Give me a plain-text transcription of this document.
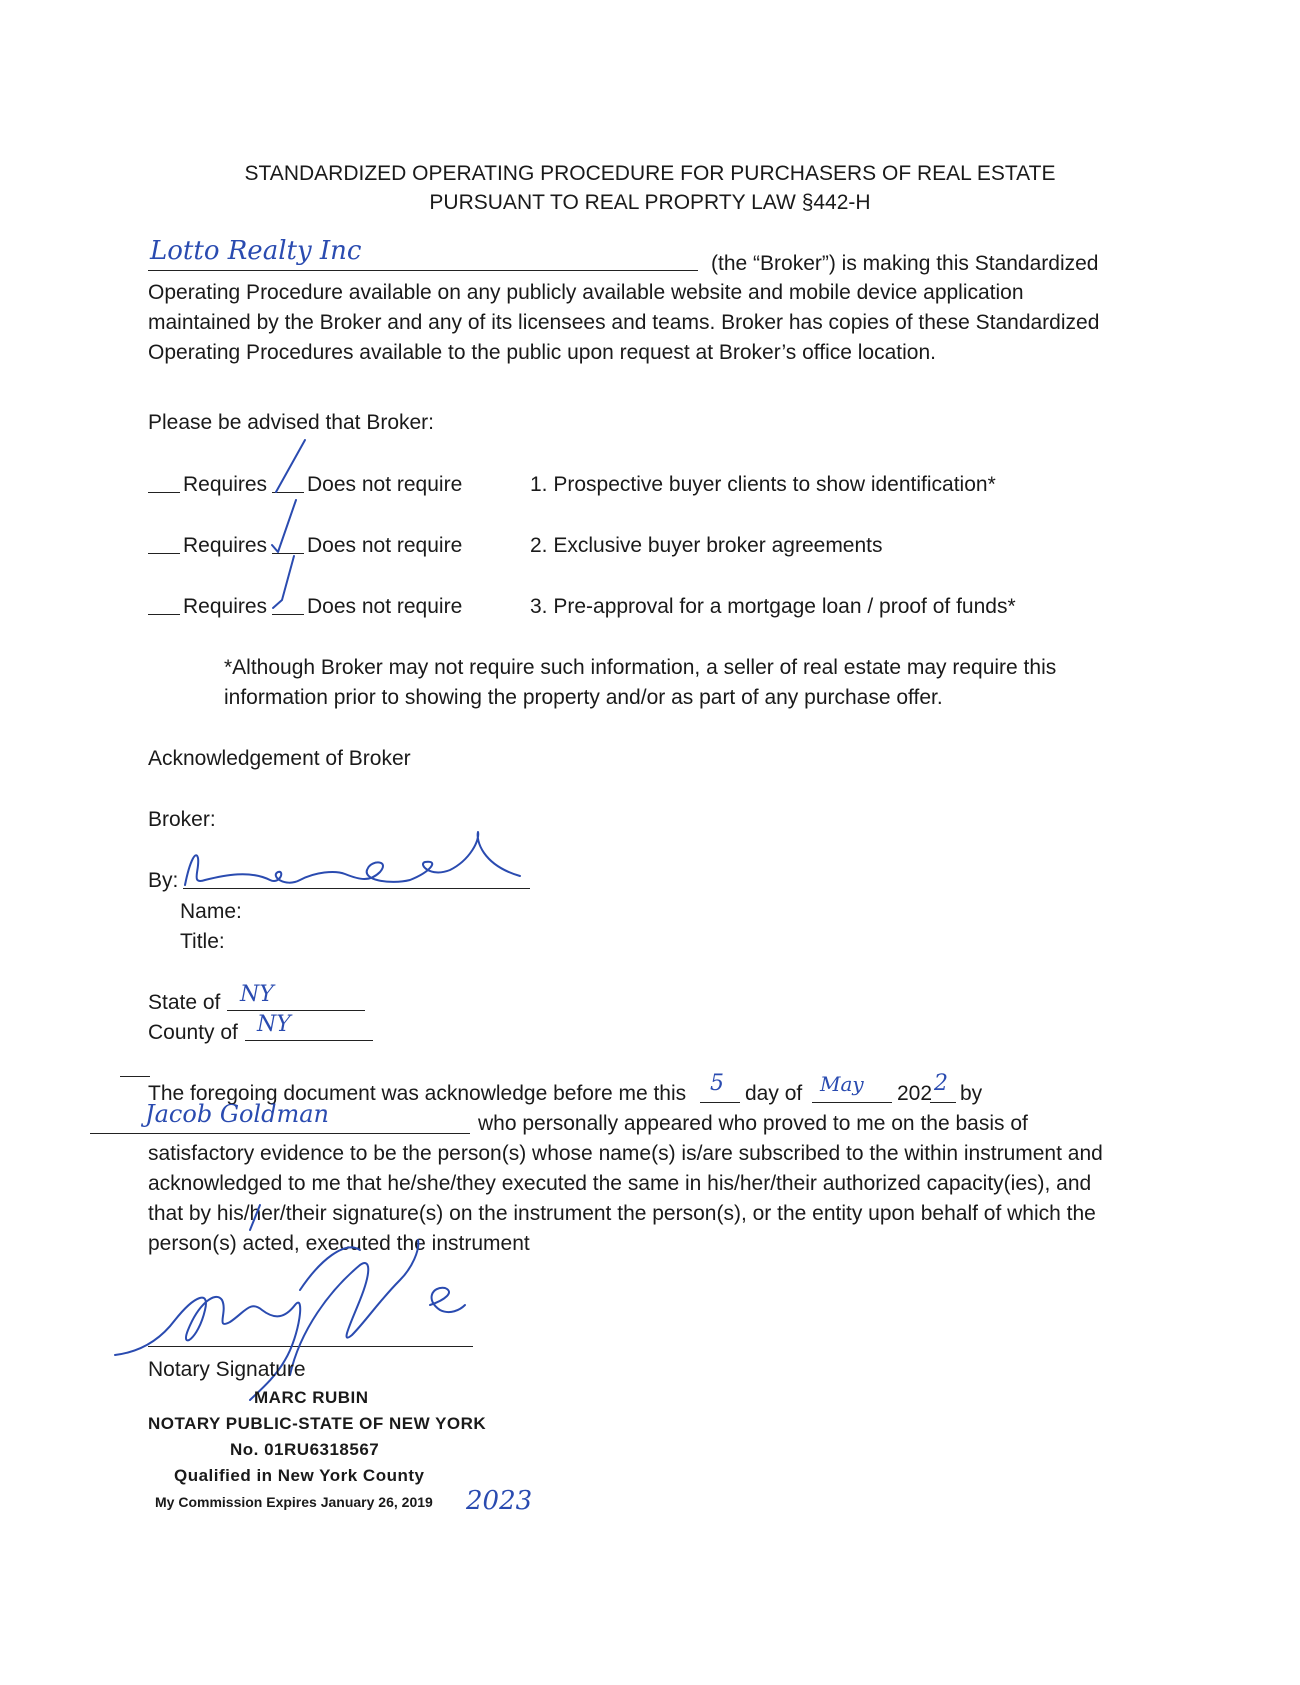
STANDARDIZED OPERATING PROCEDURE FOR PURCHASERS OF REAL ESTATE
PURSUANT TO REAL PROPRTY LAW §442-H
Lotto Realty Inc	(the “Broker”) is making this Standardized
Operating Procedure available on any publicly available website and mobile device application
maintained by the Broker and any of its licensees and teams. Broker has copies of these Standardized
Operating Procedures available to the public upon request at Broker’s office location.
Please be advised that Broker:
Requires Does not require	1. Prospective buyer clients to show identification*
Requires Does not require	2. Exclusive buyer broker agreements
Requires Does not require	3. Pre-approval for a mortgage loan / proof of funds*
*Although Broker may not require such information, a seller of real estate may require this
information prior to showing the property and/or as part of any purchase offer.
Acknowledgement of Broker
Broker:
By:
Name:
Title:
State of NY
County of NY
The foregoing document was acknowledge before me this 5 day of May 202 2 by
Jacob Goldman	who personally appeared who proved to me on the basis of
satisfactory evidence to be the person(s) whose name(s) is/are subscribed to the within instrument and
acknowledged to me that he/she/they executed the same in his/her/their authorized capacity(ies), and
that by his/her/their signature(s) on the instrument the person(s), or the entity upon behalf of which the
person(s) acted, executed the instrument
Notary Signature
MARC RUBIN
NOTARY PUBLIC-STATE OF NEW YORK
No. 01RU6318567
Qualified in New York County
My Commission Expires January 26, 2019 2023
